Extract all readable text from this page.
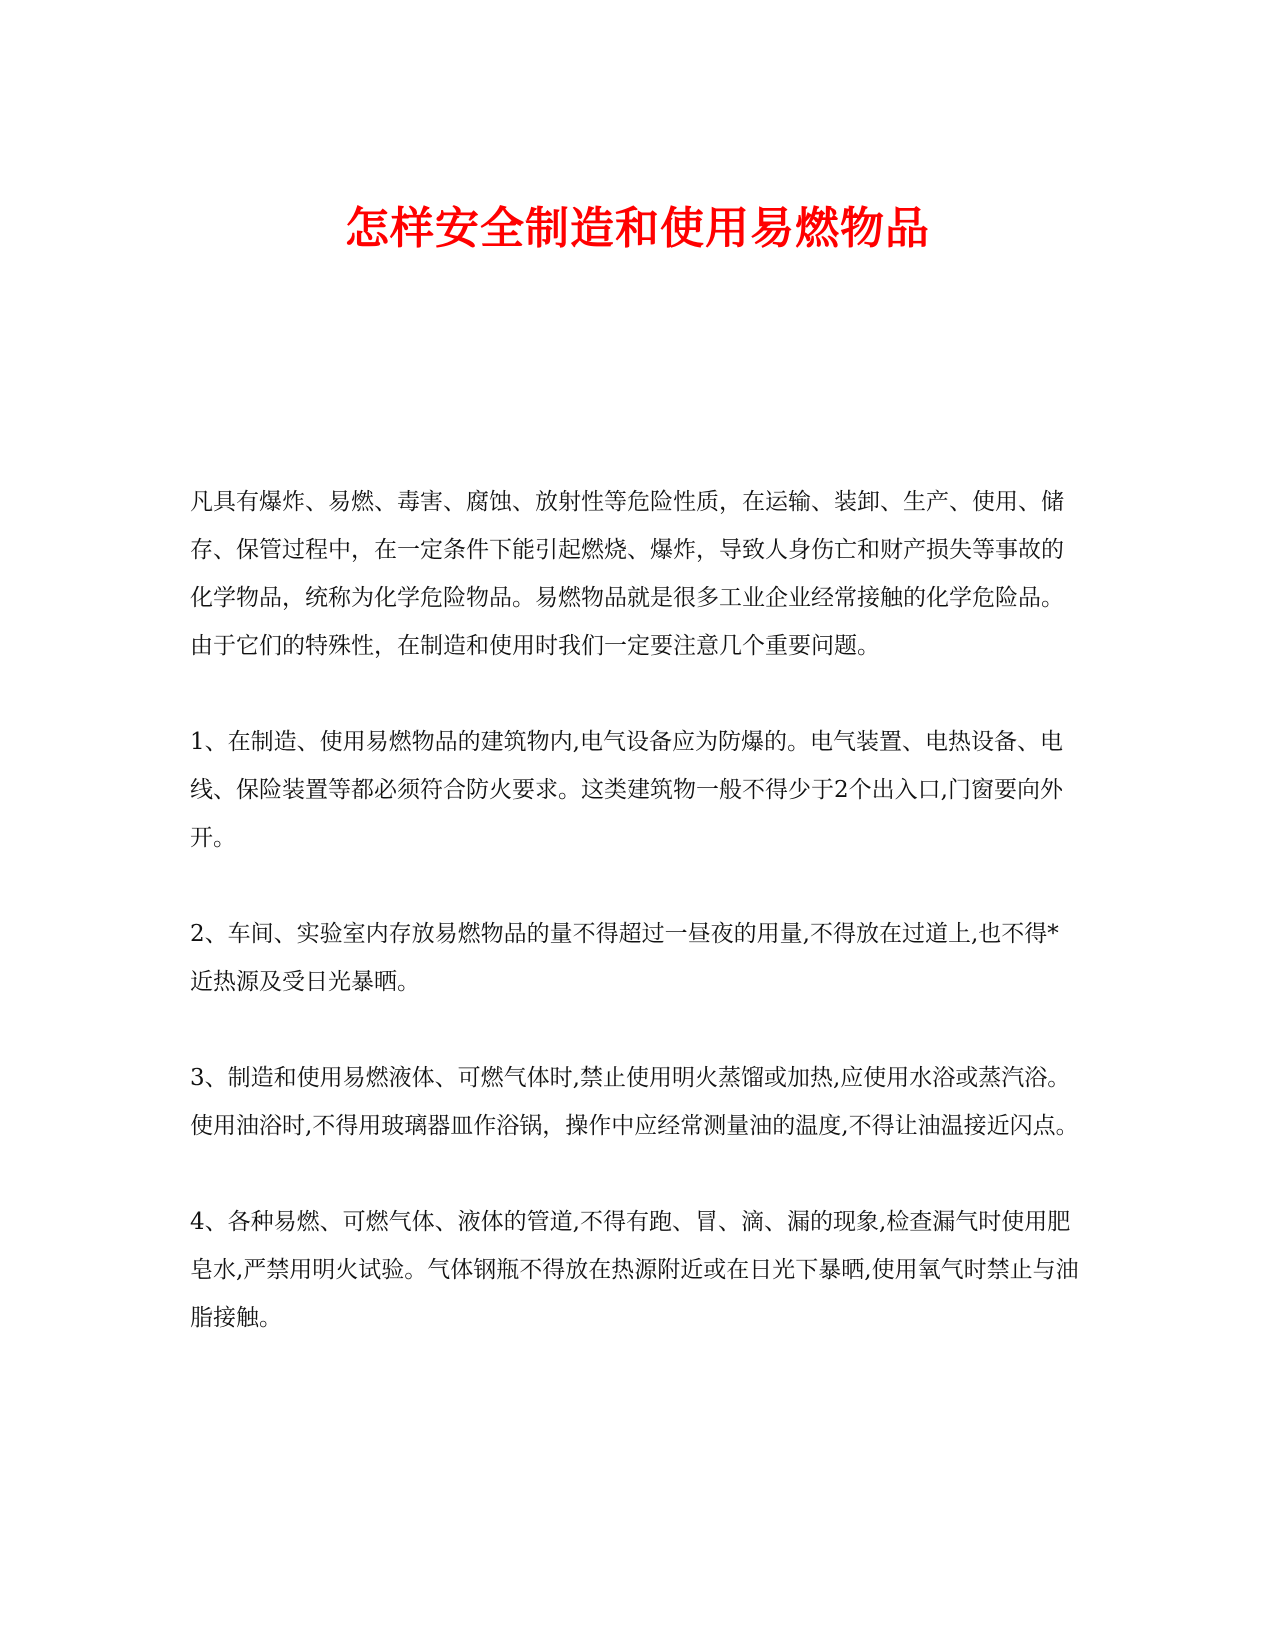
怎样安全制造和使用易燃物品

凡具有爆炸、易燃、毒害、腐蚀、放射性等危险性质，在运输、装卸、生产、使用、储存、保管过程中，在一定条件下能引起燃烧、爆炸，导致人身伤亡和财产损失等事故的化学物品，统称为化学危险物品。易燃物品就是很多工业企业经常接触的化学危险品。由于它们的特殊性，在制造和使用时我们一定要注意几个重要问题。

1、在制造、使用易燃物品的建筑物内,电气设备应为防爆的。电气装置、电热设备、电线、保险装置等都必须符合防火要求。这类建筑物一般不得少于2个出入口,门窗要向外开。

2、车间、实验室内存放易燃物品的量不得超过一昼夜的用量,不得放在过道上,也不得*近热源及受日光暴晒。

3、制造和使用易燃液体、可燃气体时,禁止使用明火蒸馏或加热,应使用水浴或蒸汽浴。使用油浴时,不得用玻璃器皿作浴锅，操作中应经常测量油的温度,不得让油温接近闪点。

4、各种易燃、可燃气体、液体的管道,不得有跑、冒、滴、漏的现象,检查漏气时使用肥皂水,严禁用明火试验。气体钢瓶不得放在热源附近或在日光下暴晒,使用氧气时禁止与油脂接触。
